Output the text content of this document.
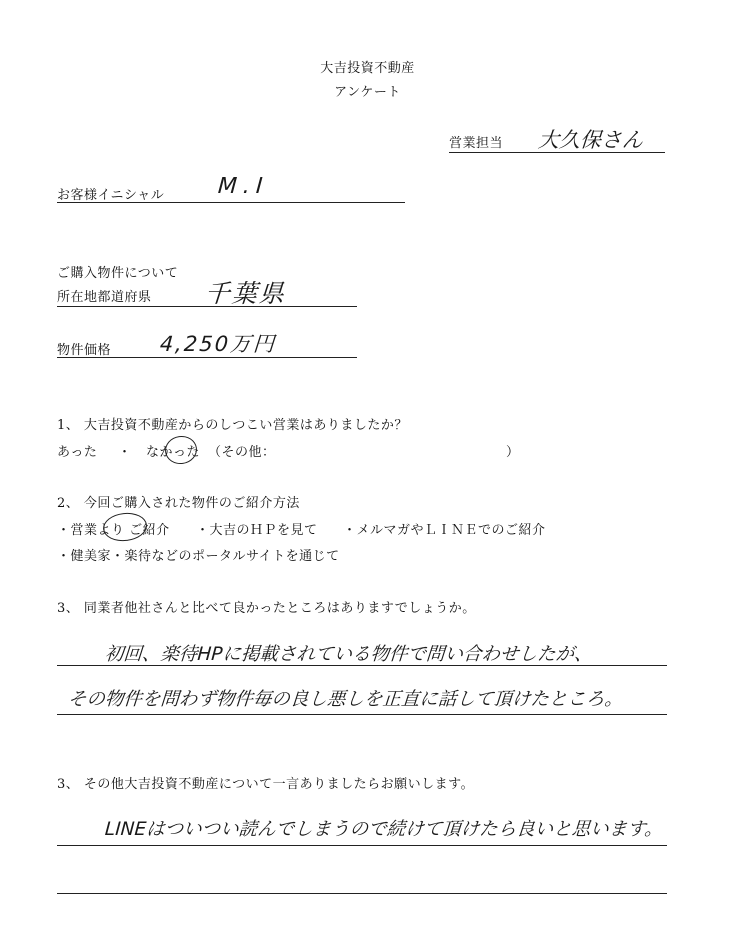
大吉投資不動産
アンケート
営業担当 大久保さん
お客様イニシャル M.I
ご購入物件について
所在地都道府県 千葉県
物件価格 4,250万円
1、 大吉投資不動産からのしつこい営業はありましたか？
あった ・ なかった （その他：	）
2、 今回ご購入された物件のご紹介方法
・営業より ご紹介 ・大吉のＨＰを見て ・メルマガやＬＩＮＥでのご紹介
・健美家・楽待などのポータルサイトを通じて
3、 同業者他社さんと比べて良かったところはありますでしょうか。
初回、楽待HPに掲載されている物件で問い合わせしたが、
その物件を問わず物件毎の良し悪しを正直に話して頂けたところ。
3、 その他大吉投資不動産について一言ありましたらお願いします。
LINEはついつい読んでしまうので続けて頂けたら良いと思います。
